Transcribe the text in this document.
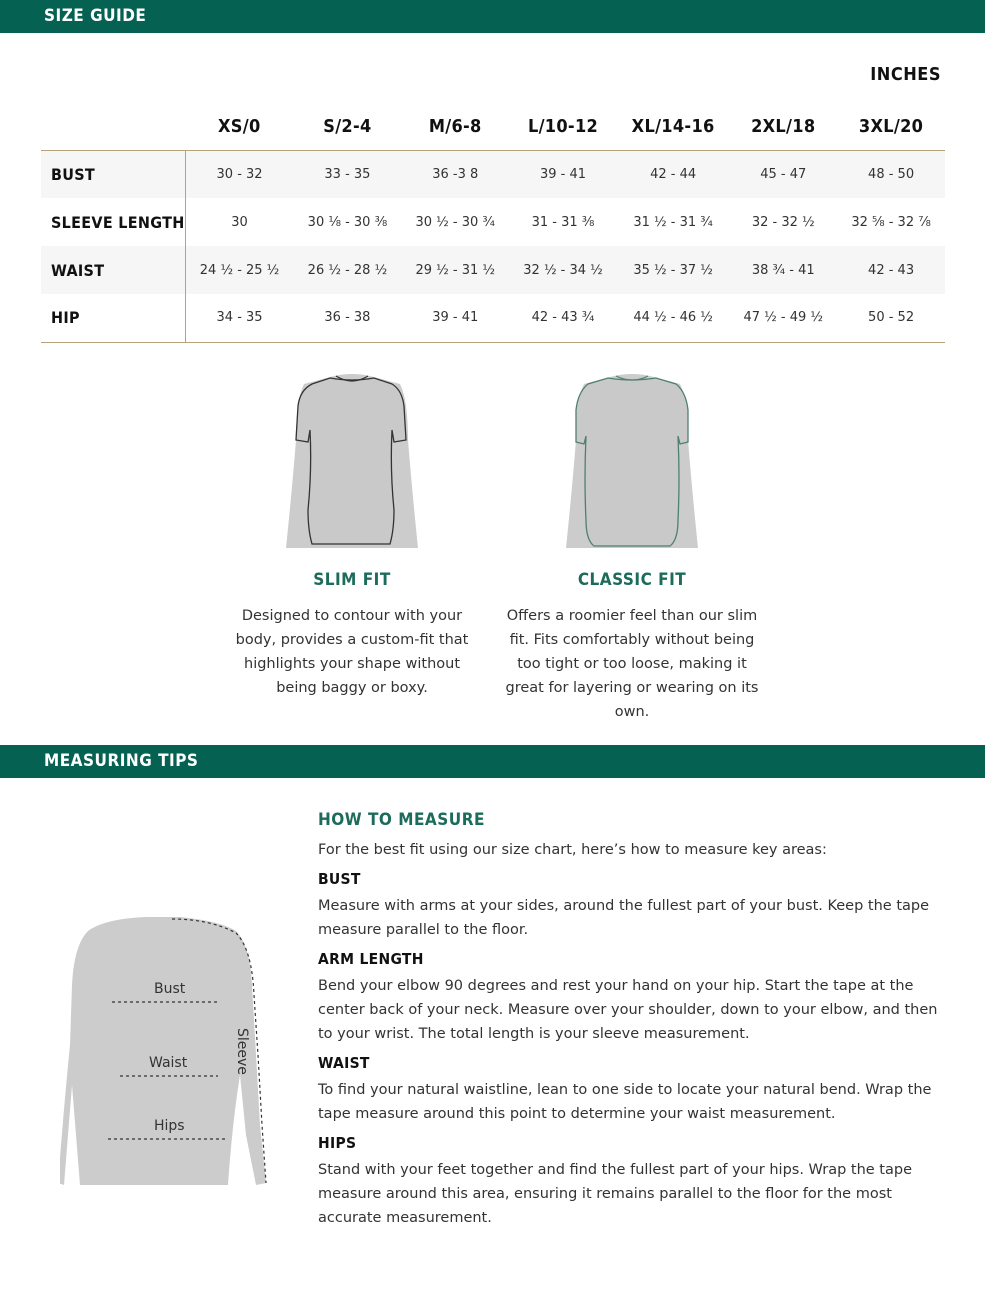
SIZE GUIDE
INCHES
	XS/0	S/2-4	M/6-8	L/10-12	XL/14-16	2XL/18	3XL/20
BUST	30 - 32	33 - 35	36 -3 8	39 - 41	42 - 44	45 - 47	48 - 50
SLEEVE LENGTH	30	30 ⅛ - 30 ⅜	30 ½ - 30 ¾	31 - 31 ⅜	31 ½ - 31 ¾	32 - 32 ½	32 ⅝ - 32 ⅞
WAIST	24 ½ - 25 ½	26 ½ - 28 ½	29 ½ - 31 ½	32 ½ - 34 ½	35 ½ - 37 ½	38 ¾ - 41	42 - 43
HIP	34 - 35	36 - 38	39 - 41	42 - 43 ¾	44 ½ - 46 ½	47 ½ - 49 ½	50 - 52
SLIM FIT

Designed to contour with your body, provides a custom-fit that highlights your shape without being baggy or boxy.

CLASSIC FIT

Offers a roomier feel than our slim fit. Fits comfortably without being too tight or too loose, making it great for layering or wearing on its own.

MEASURING TIPS
Bust
Waist
Hips
Sleeve
HOW TO MEASURE

For the best fit using our size chart, here’s how to measure key areas:

BUST

Measure with arms at your sides, around the fullest part of your bust. Keep the tape measure parallel to the floor.

ARM LENGTH

Bend your elbow 90 degrees and rest your hand on your hip. Start the tape at the center back of your neck. Measure over your shoulder, down to your elbow, and then to your wrist. The total length is your sleeve measurement.

WAIST

To find your natural waistline, lean to one side to locate your natural bend. Wrap the tape measure around this point to determine your waist measurement.

HIPS

Stand with your feet together and find the fullest part of your hips. Wrap the tape measure around this area, ensuring it remains parallel to the floor for the most accurate measurement.
